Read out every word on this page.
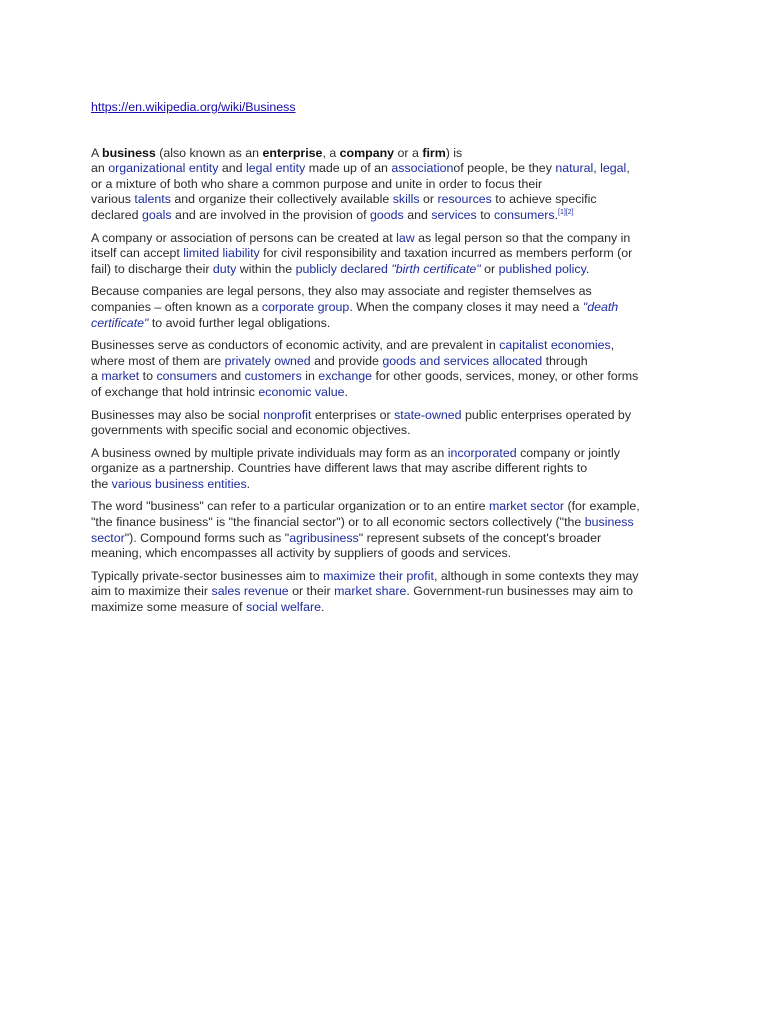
https://en.wikipedia.org/wiki/Business

A business (also known as an enterprise, a company or a firm) is
an organizational entity and legal entity made up of an associationof people, be they natural, legal,
or a mixture of both who share a common purpose and unite in order to focus their
various talents and organize their collectively available skills or resources to achieve specific
declared goals and are involved in the provision of goods and services to consumers.[1][2]

A company or association of persons can be created at law as legal person so that the company in
itself can accept limited liability for civil responsibility and taxation incurred as members perform (or
fail) to discharge their duty within the publicly declared "birth certificate" or published policy.

Because companies are legal persons, they also may associate and register themselves as
companies – often known as a corporate group. When the company closes it may need a "death
certificate" to avoid further legal obligations.

Businesses serve as conductors of economic activity, and are prevalent in capitalist economies,
where most of them are privately owned and provide goods and services allocated through
a market to consumers and customers in exchange for other goods, services, money, or other forms
of exchange that hold intrinsic economic value.

Businesses may also be social nonprofit enterprises or state-owned public enterprises operated by
governments with specific social and economic objectives.

A business owned by multiple private individuals may form as an incorporated company or jointly
organize as a partnership. Countries have different laws that may ascribe different rights to
the various business entities.

The word "business" can refer to a particular organization or to an entire market sector (for example,
"the finance business" is "the financial sector") or to all economic sectors collectively ("the business
sector"). Compound forms such as "agribusiness" represent subsets of the concept's broader
meaning, which encompasses all activity by suppliers of goods and services.

Typically private-sector businesses aim to maximize their profit, although in some contexts they may
aim to maximize their sales revenue or their market share. Government-run businesses may aim to
maximize some measure of social welfare.
